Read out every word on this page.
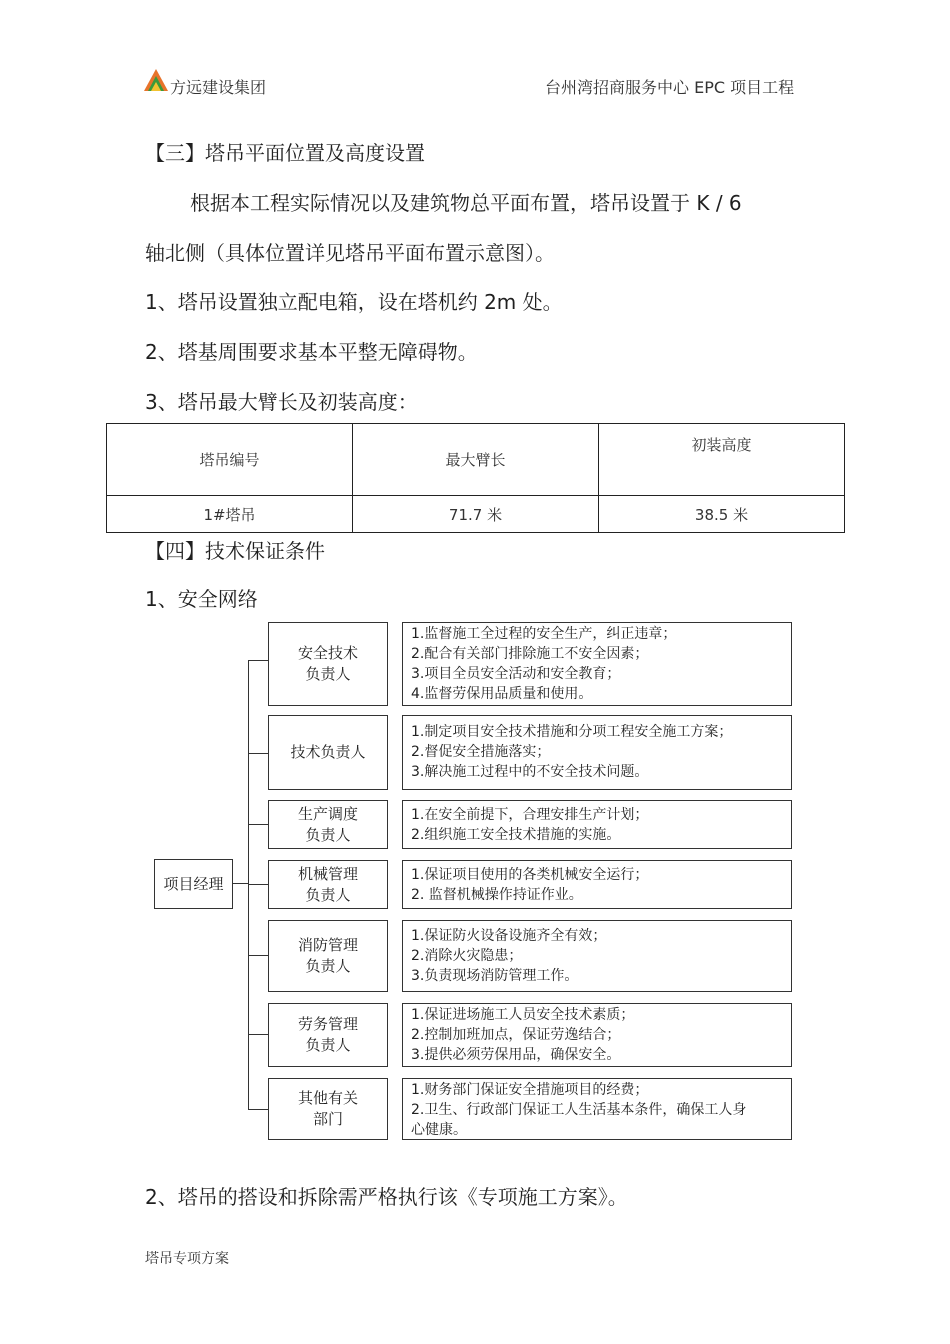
方远建设集团	台州湾招商服务中心 EPC 项目工程
【三】塔吊平面位置及高度设置
根据本工程实际情况以及建筑物总平面布置，塔吊设置于 K / 6
轴北侧（具体位置详见塔吊平面布置示意图）。
1、塔吊设置独立配电箱，设在塔机约 2m 处。
2、塔基周围要求基本平整无障碍物。
3、塔吊最大臂长及初装高度：
塔吊编号	最大臂长	初装高度
1#塔吊	71.7 米	38.5 米
【四】技术保证条件
1、安全网络
项目经理
安全技术
负责人
1.监督施工全过程的安全生产，纠正违章；
2.配合有关部门排除施工不安全因素；
3.项目全员安全活动和安全教育；
4.监督劳保用品质量和使用。
技术负责人
1.制定项目安全技术措施和分项工程安全施工方案；
2.督促安全措施落实；
3.解决施工过程中的不安全技术问题。
生产调度
负责人
1.在安全前提下，合理安排生产计划；
2.组织施工安全技术措施的实施。
机械管理
负责人
1.保证项目使用的各类机械安全运行；
2. 监督机械操作持证作业。
消防管理
负责人
1.保证防火设备设施齐全有效；
2.消除火灾隐患；
3.负责现场消防管理工作。
劳务管理
负责人
1.保证进场施工人员安全技术素质；
2.控制加班加点，保证劳逸结合；
3.提供必须劳保用品，确保安全。
其他有关
部门
1.财务部门保证安全措施项目的经费；
2.卫生、行政部门保证工人生活基本条件，确保工人身
心健康。
2、塔吊的搭设和拆除需严格执行该《专项施工方案》。
塔吊专项方案
